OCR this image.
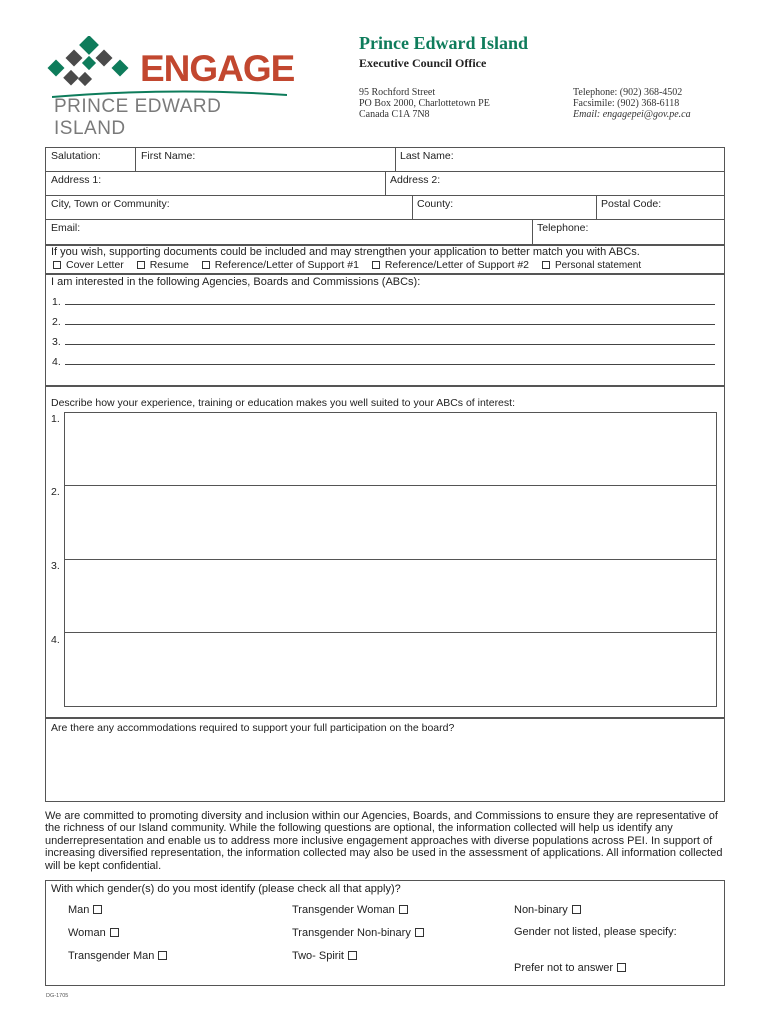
ENGAGE
PRINCE EDWARD ISLAND
Prince Edward Island
Executive Council Office
95 Rochford Street
PO Box 2000, Charlottetown PE
Canada C1A 7N8
Telephone: (902) 368-4502
Facsimile: (902) 368-6118
Email: engagepei@gov.pe.ca
Salutation:	First Name:	Last Name:
Address 1:	Address 2:
City, Town or Community:	County:	Postal Code:
Email:	Telephone:
If you wish, supporting documents could be included and may strengthen your application to better match you with ABCs.
Cover Letter Resume Reference/Letter of Support #1 Reference/Letter of Support #2	Personal statement
I am interested in the following Agencies, Boards and Commissions (ABCs):
1.
2.
3.
4.
Describe how your experience, training or education makes you well suited to your ABCs of interest:
1.
2.
3.
4.
Are there any accommodations required to support your full participation on the board?
We are committed to promoting diversity and inclusion within our Agencies, Boards, and Commissions to ensure they are representative of the richness of our Island community. While the following questions are optional, the information collected will help us identify any underrepresentation and enable us to address more inclusive engagement approaches with diverse populations across PEI. In support of increasing diversified representation, the information collected may also be used in the assessment of applications. All information collected will be kept confidential.
With which gender(s) do you most identify (please check all that apply)?
Man
Woman
Transgender Man
Transgender Woman
Transgender Non-binary
Two- Spirit
Non-binary
Gender not listed, please specify:
Prefer not to answer
DG-1705
